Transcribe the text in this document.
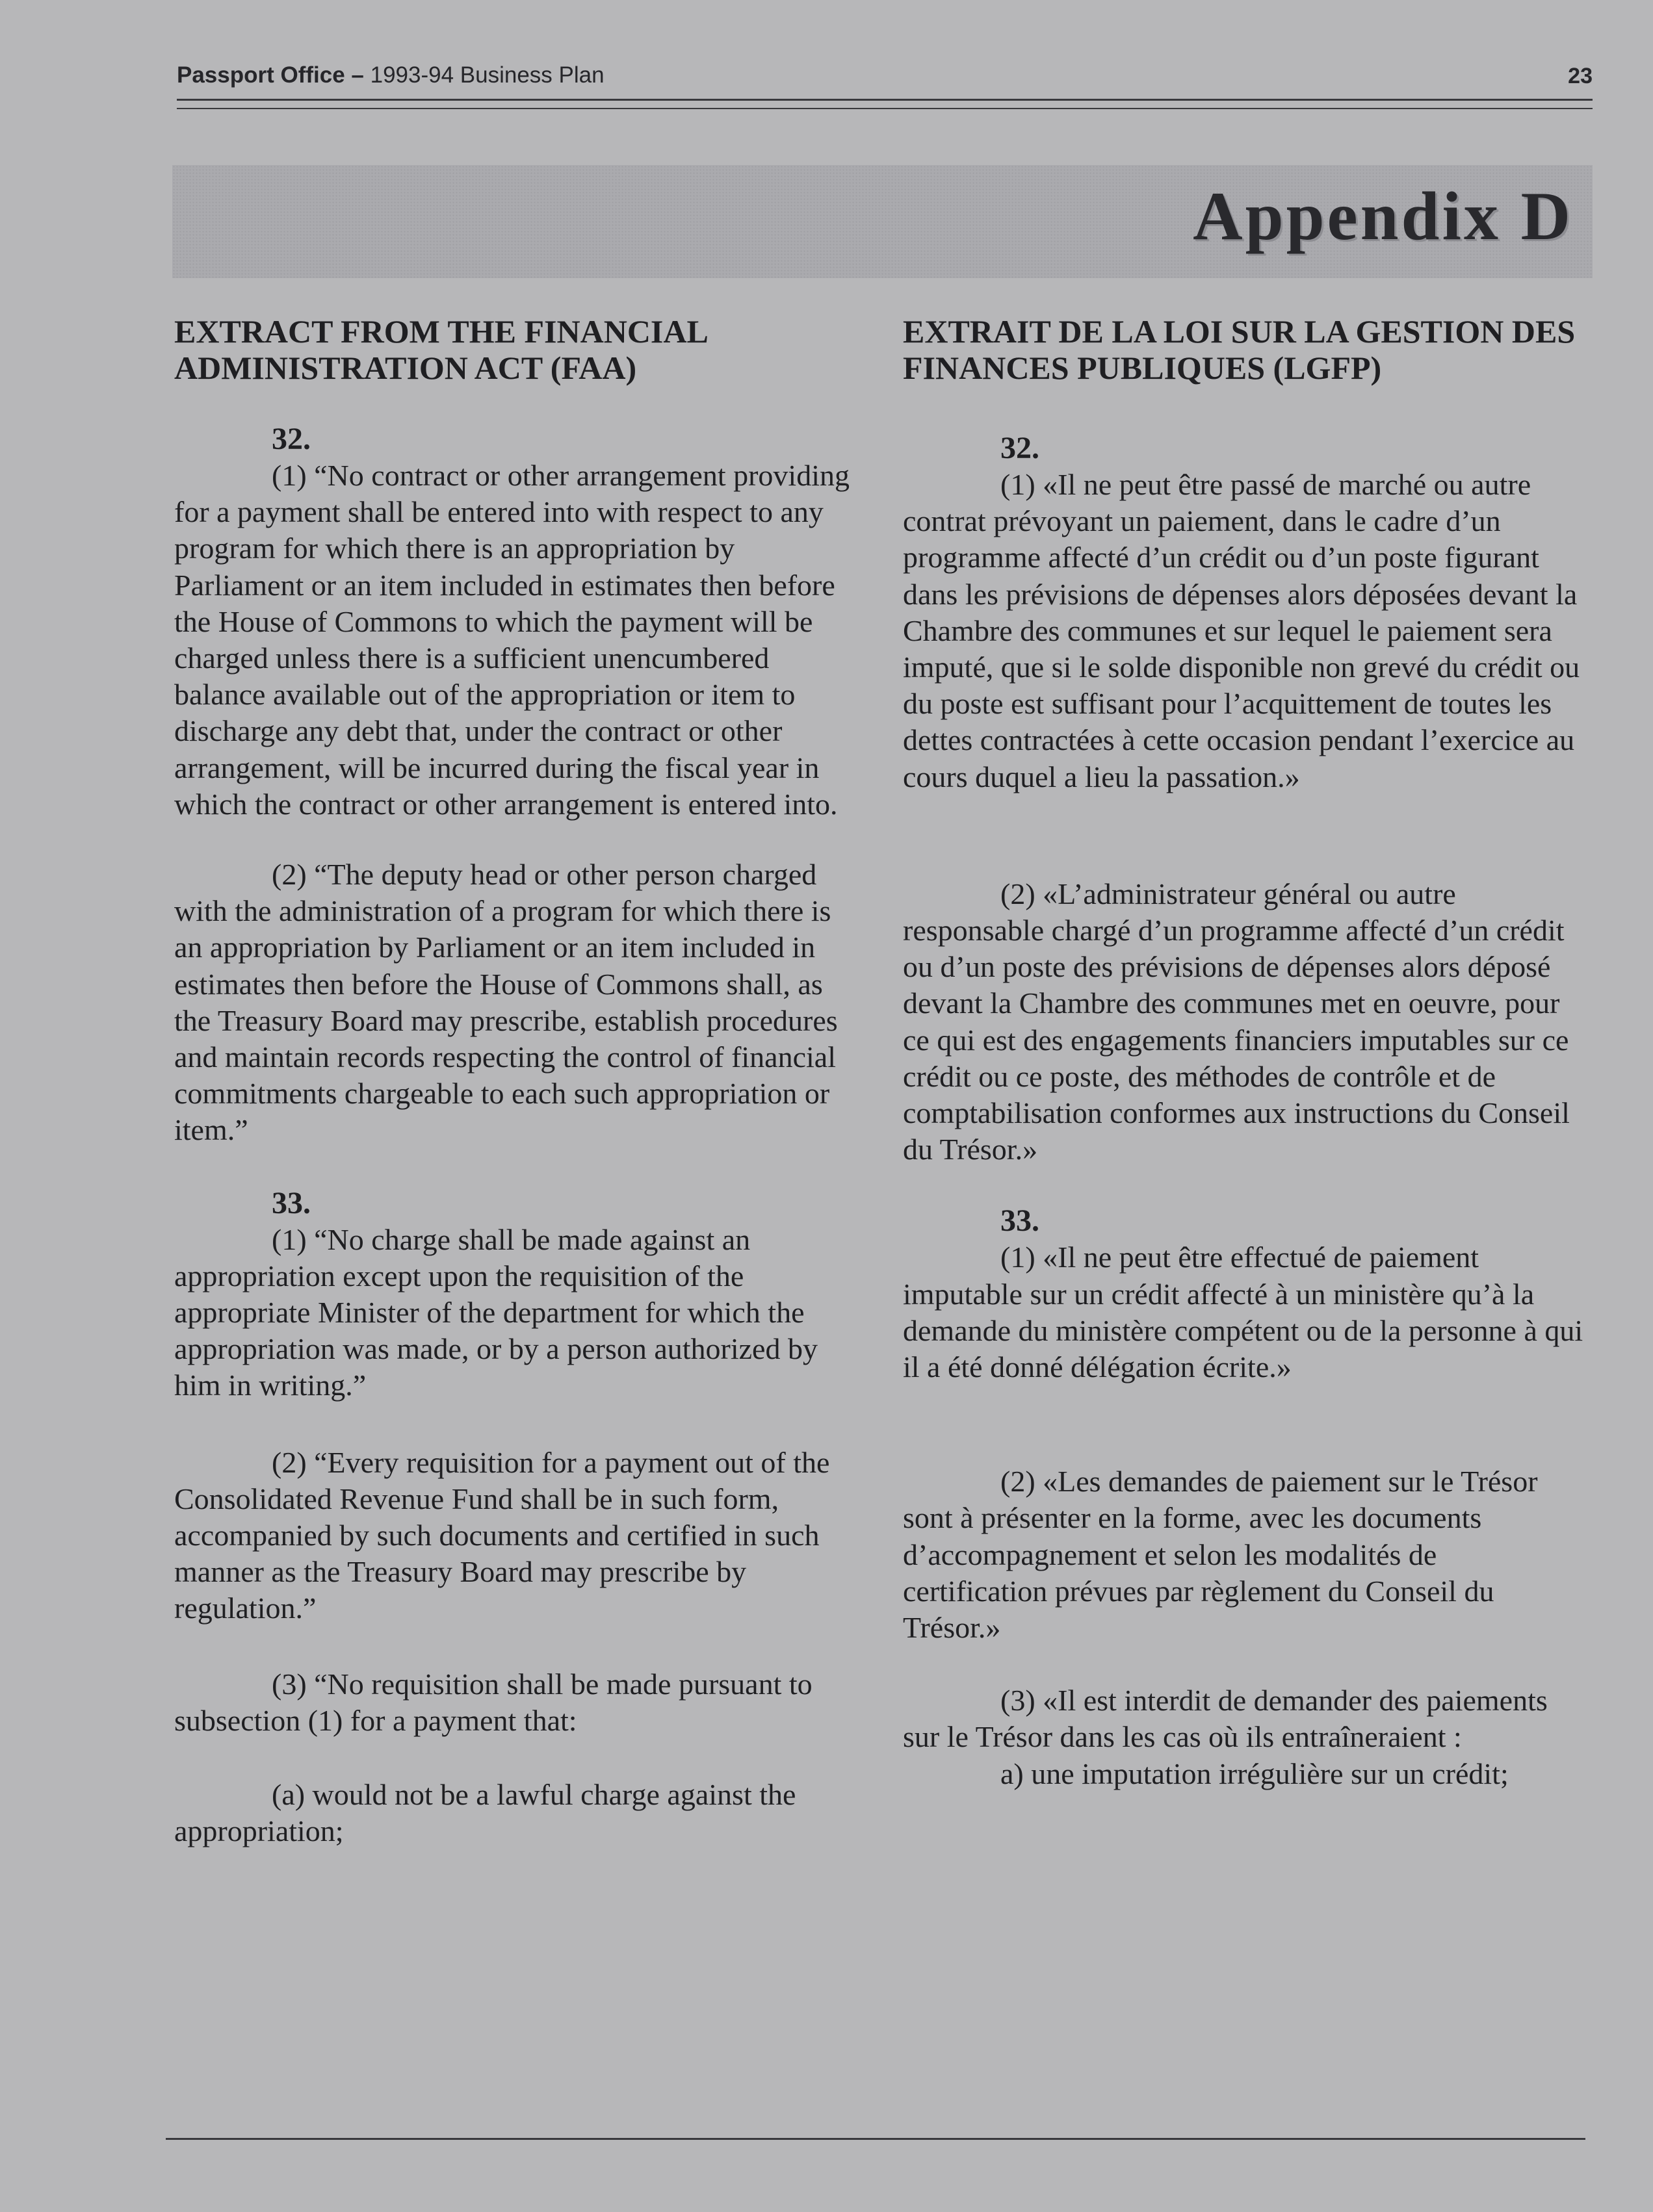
Passport Office – 1993-94 Business Plan	23
Appendix D
EXTRACT FROM THE FINANCIAL ADMINISTRATION ACT (FAA)
32.

(1) “No contract or other arrangement providing for a payment shall be entered into with respect to any program for which there is an appropriation by Parliament or an item included in estimates then before the House of Commons to which the payment will be charged unless there is a sufficient unencumbered balance available out of the appropriation or item to discharge any debt that, under the contract or other arrangement, will be incurred during the fiscal year in which the contract or other arrangement is entered into.

(2) “The deputy head or other person charged with the administration of a program for which there is an appropriation by Parliament or an item included in estimates then before the House of Commons shall, as the Treasury Board may prescribe, establish procedures and maintain records respecting the control of financial commitments chargeable to each such appropriation or item.”

33.

(1) “No charge shall be made against an appropriation except upon the requisition of the appropriate Minister of the department for which the appropriation was made, or by a person authorized by him in writing.”

(2) “Every requisition for a payment out of the Consolidated Revenue Fund shall be in such form, accompanied by such documents and certified in such manner as the Treasury Board may prescribe by regulation.”

(3) “No requisition shall be made pursuant to subsection (1) for a payment that:

(a) would not be a lawful charge against the appropriation;

EXTRAIT DE LA LOI SUR LA GESTION DES FINANCES PUBLIQUES (LGFP)
32.

(1) «Il ne peut être passé de marché ou autre contrat prévoyant un paiement, dans le cadre d’un programme affecté d’un crédit ou d’un poste figurant dans les prévisions de dépenses alors déposées devant la Chambre des communes et sur lequel le paiement sera imputé, que si le solde disponible non grevé du crédit ou du poste est suffisant pour l’acquittement de toutes les dettes contractées à cette occasion pendant l’exercice au cours duquel a lieu la passation.»

(2) «L’administrateur général ou autre responsable chargé d’un programme affecté d’un crédit ou d’un poste des prévisions de dépenses alors déposé devant la Chambre des communes met en oeuvre, pour ce qui est des engagements financiers imputables sur ce crédit ou ce poste, des méthodes de contrôle et de comptabilisation conformes aux instructions du Conseil du Trésor.»

33.

(1) «Il ne peut être effectué de paiement imputable sur un crédit affecté à un ministère qu’à la demande du ministère compétent ou de la personne à qui il a été donné délégation écrite.»

(2) «Les demandes de paiement sur le Trésor sont à présenter en la forme, avec les documents d’accompagnement et selon les modalités de certification prévues par règlement du Conseil du Trésor.»

(3) «Il est interdit de demander des paiements sur le Trésor dans les cas où ils entraîneraient :

a) une imputation irrégulière sur un crédit;
